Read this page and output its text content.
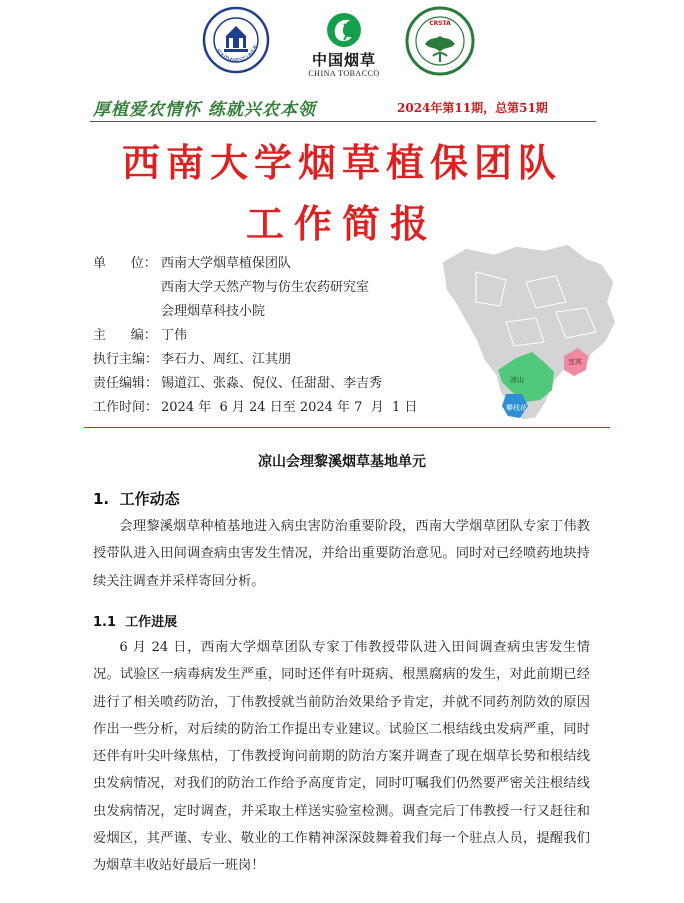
SOUTHWEST UNIVE
中国烟草
CHINA TOBACCO
CRSTA
厚植爱农情怀 练就兴农本领	2024年第11期，总第51期
西南大学烟草植保团队
工作简报
单      位： 西南大学烟草植保团队
西南大学天然产物与仿生农药研究室
会理烟草科技小院
主      编： 丁伟
执行主编： 李石力、周红、江其朋
责任编辑： 锡道江、张淼、倪仪、任甜甜、李吉秀
工作时间： 2024 年  6 月 24 日至 2024 年 7  月  1 日
凉山
攀枝花
宜宾
凉山会理黎溪烟草基地单元
1.  工作动态
会理黎溪烟草种植基地进入病虫害防治重要阶段，西南大学烟草团队专家丁伟教授带队进入田间调查病虫害发生情况，并给出重要防治意见。同时对已经喷药地块持续关注调查并采样寄回分析。
1.1  工作进展
6 月 24 日，西南大学烟草团队专家丁伟教授带队进入田间调查病虫害发生情况。试验区一病毒病发生严重，同时还伴有叶斑病、根黑腐病的发生，对此前期已经进行了相关喷药防治，丁伟教授就当前防治效果给予肯定，并就不同药剂防效的原因作出一些分析，对后续的防治工作提出专业建议。试验区二根结线虫发病严重，同时还伴有叶尖叶缘焦枯，丁伟教授询问前期的防治方案并调查了现在烟草长势和根结线虫发病情况，对我们的防治工作给予高度肯定，同时叮嘱我们仍然要严密关注根结线虫发病情况，定时调查，并采取土样送实验室检测。调查完后丁伟教授一行又赶往和爱烟区，其严谨、专业、敬业的工作精神深深鼓舞着我们每一个驻点人员，提醒我们为烟草丰收站好最后一班岗！
